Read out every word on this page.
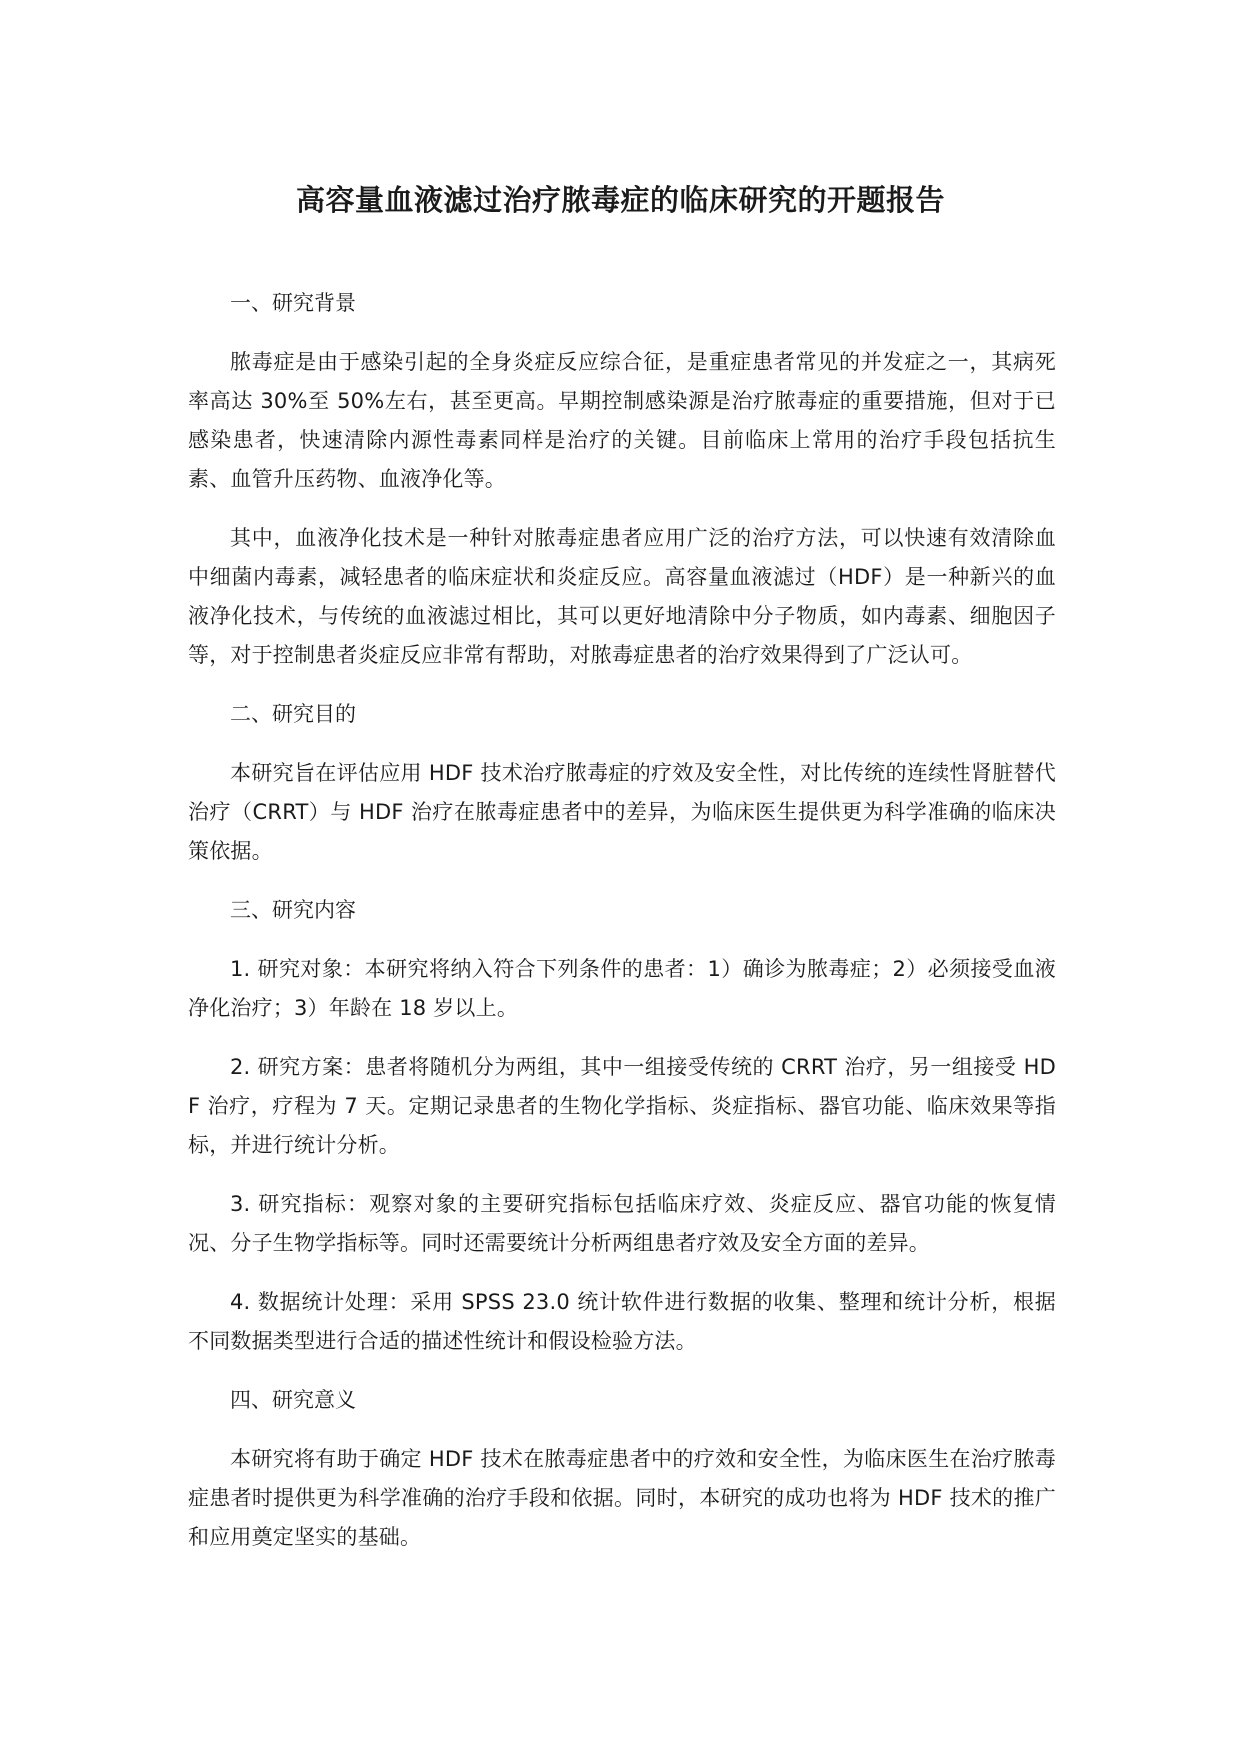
高容量血液滤过治疗脓毒症的临床研究的开题报告
一、研究背景

脓毒症是由于感染引起的全身炎症反应综合征，是重症患者常见的并发症之一，其病死率高达 30%至 50%左右，甚至更高。早期控制感染源是治疗脓毒症的重要措施，但对于已感染患者，快速清除内源性毒素同样是治疗的关键。目前临床上常用的治疗手段包括抗生素、血管升压药物、血液净化等。

其中，血液净化技术是一种针对脓毒症患者应用广泛的治疗方法，可以快速有效清除血中细菌内毒素，减轻患者的临床症状和炎症反应。高容量血液滤过（HDF）是一种新兴的血液净化技术，与传统的血液滤过相比，其可以更好地清除中分子物质，如内毒素、细胞因子等，对于控制患者炎症反应非常有帮助，对脓毒症患者的治疗效果得到了广泛认可。

二、研究目的

本研究旨在评估应用 HDF 技术治疗脓毒症的疗效及安全性，对比传统的连续性肾脏替代治疗（CRRT）与 HDF 治疗在脓毒症患者中的差异，为临床医生提供更为科学准确的临床决策依据。

三、研究内容

1. 研究对象：本研究将纳入符合下列条件的患者：1）确诊为脓毒症；2）必须接受血液净化治疗；3）年龄在 18 岁以上。

2. 研究方案：患者将随机分为两组，其中一组接受传统的 CRRT 治疗，另一组接受 HDF 治疗，疗程为 7 天。定期记录患者的生物化学指标、炎症指标、器官功能、临床效果等指标，并进行统计分析。

3. 研究指标：观察对象的主要研究指标包括临床疗效、炎症反应、器官功能的恢复情况、分子生物学指标等。同时还需要统计分析两组患者疗效及安全方面的差异。

4. 数据统计处理：采用 SPSS 23.0 统计软件进行数据的收集、整理和统计分析，根据不同数据类型进行合适的描述性统计和假设检验方法。

四、研究意义

本研究将有助于确定 HDF 技术在脓毒症患者中的疗效和安全性，为临床医生在治疗脓毒症患者时提供更为科学准确的治疗手段和依据。同时，本研究的成功也将为 HDF 技术的推广和应用奠定坚实的基础。
